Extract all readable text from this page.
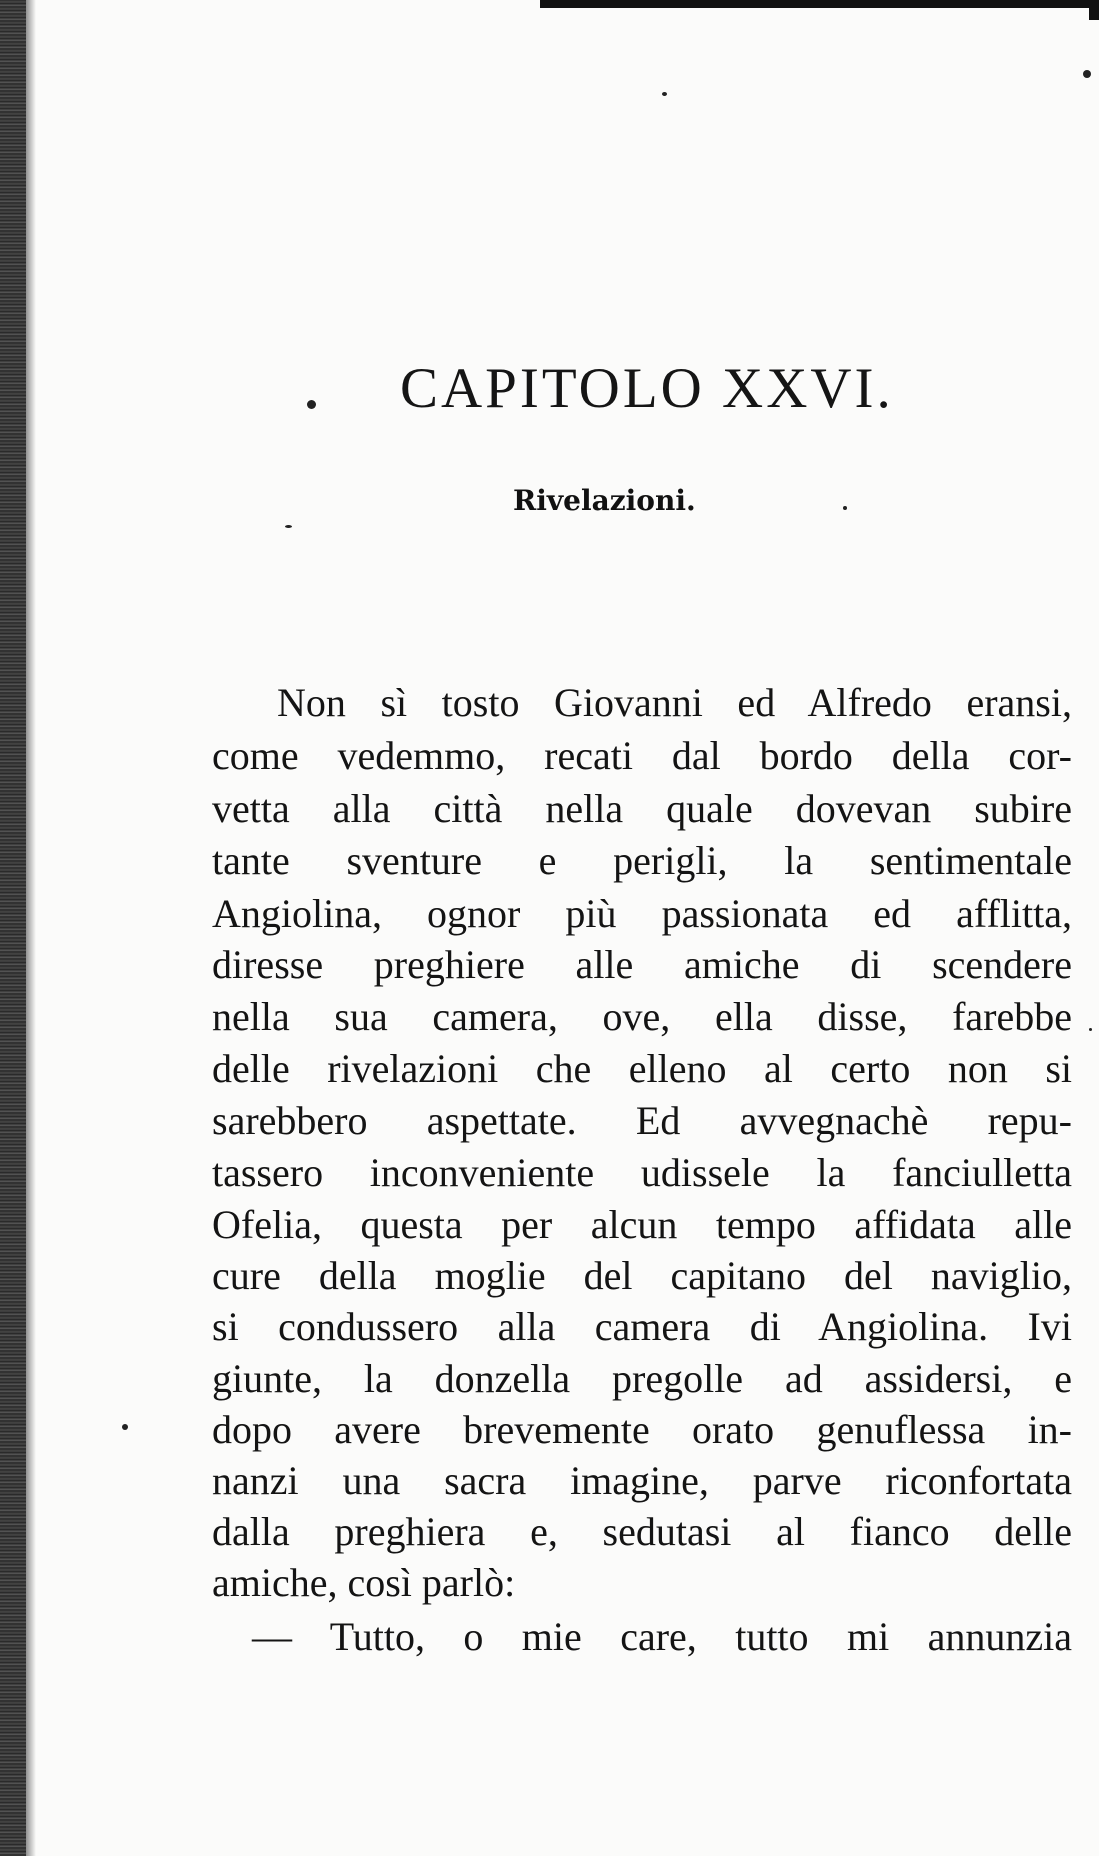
CAPITOLO XXVI.
Rivelazioni.
Non sì tosto Giovanni ed Alfredo eransi,
come vedemmo, recati dal bordo della cor-
vetta alla città nella quale dovevan subire
tante sventure e perigli, la sentimentale
Angiolina, ognor più passionata ed afflitta,
diresse preghiere alle amiche di scendere
nella sua camera, ove, ella disse, farebbe
delle rivelazioni che elleno al certo non si
sarebbero aspettate. Ed avvegnachè repu-
tassero inconveniente udissele la fanciulletta
Ofelia, questa per alcun tempo affidata alle
cure della moglie del capitano del naviglio,
si condussero alla camera di Angiolina. Ivi
giunte, la donzella pregolle ad assidersi, e
dopo avere brevemente orato genuflessa in-
nanzi una sacra imagine, parve riconfortata
dalla preghiera e, sedutasi al fianco delle
amiche, così parlò:
— Tutto, o mie care, tutto mi annunzia
